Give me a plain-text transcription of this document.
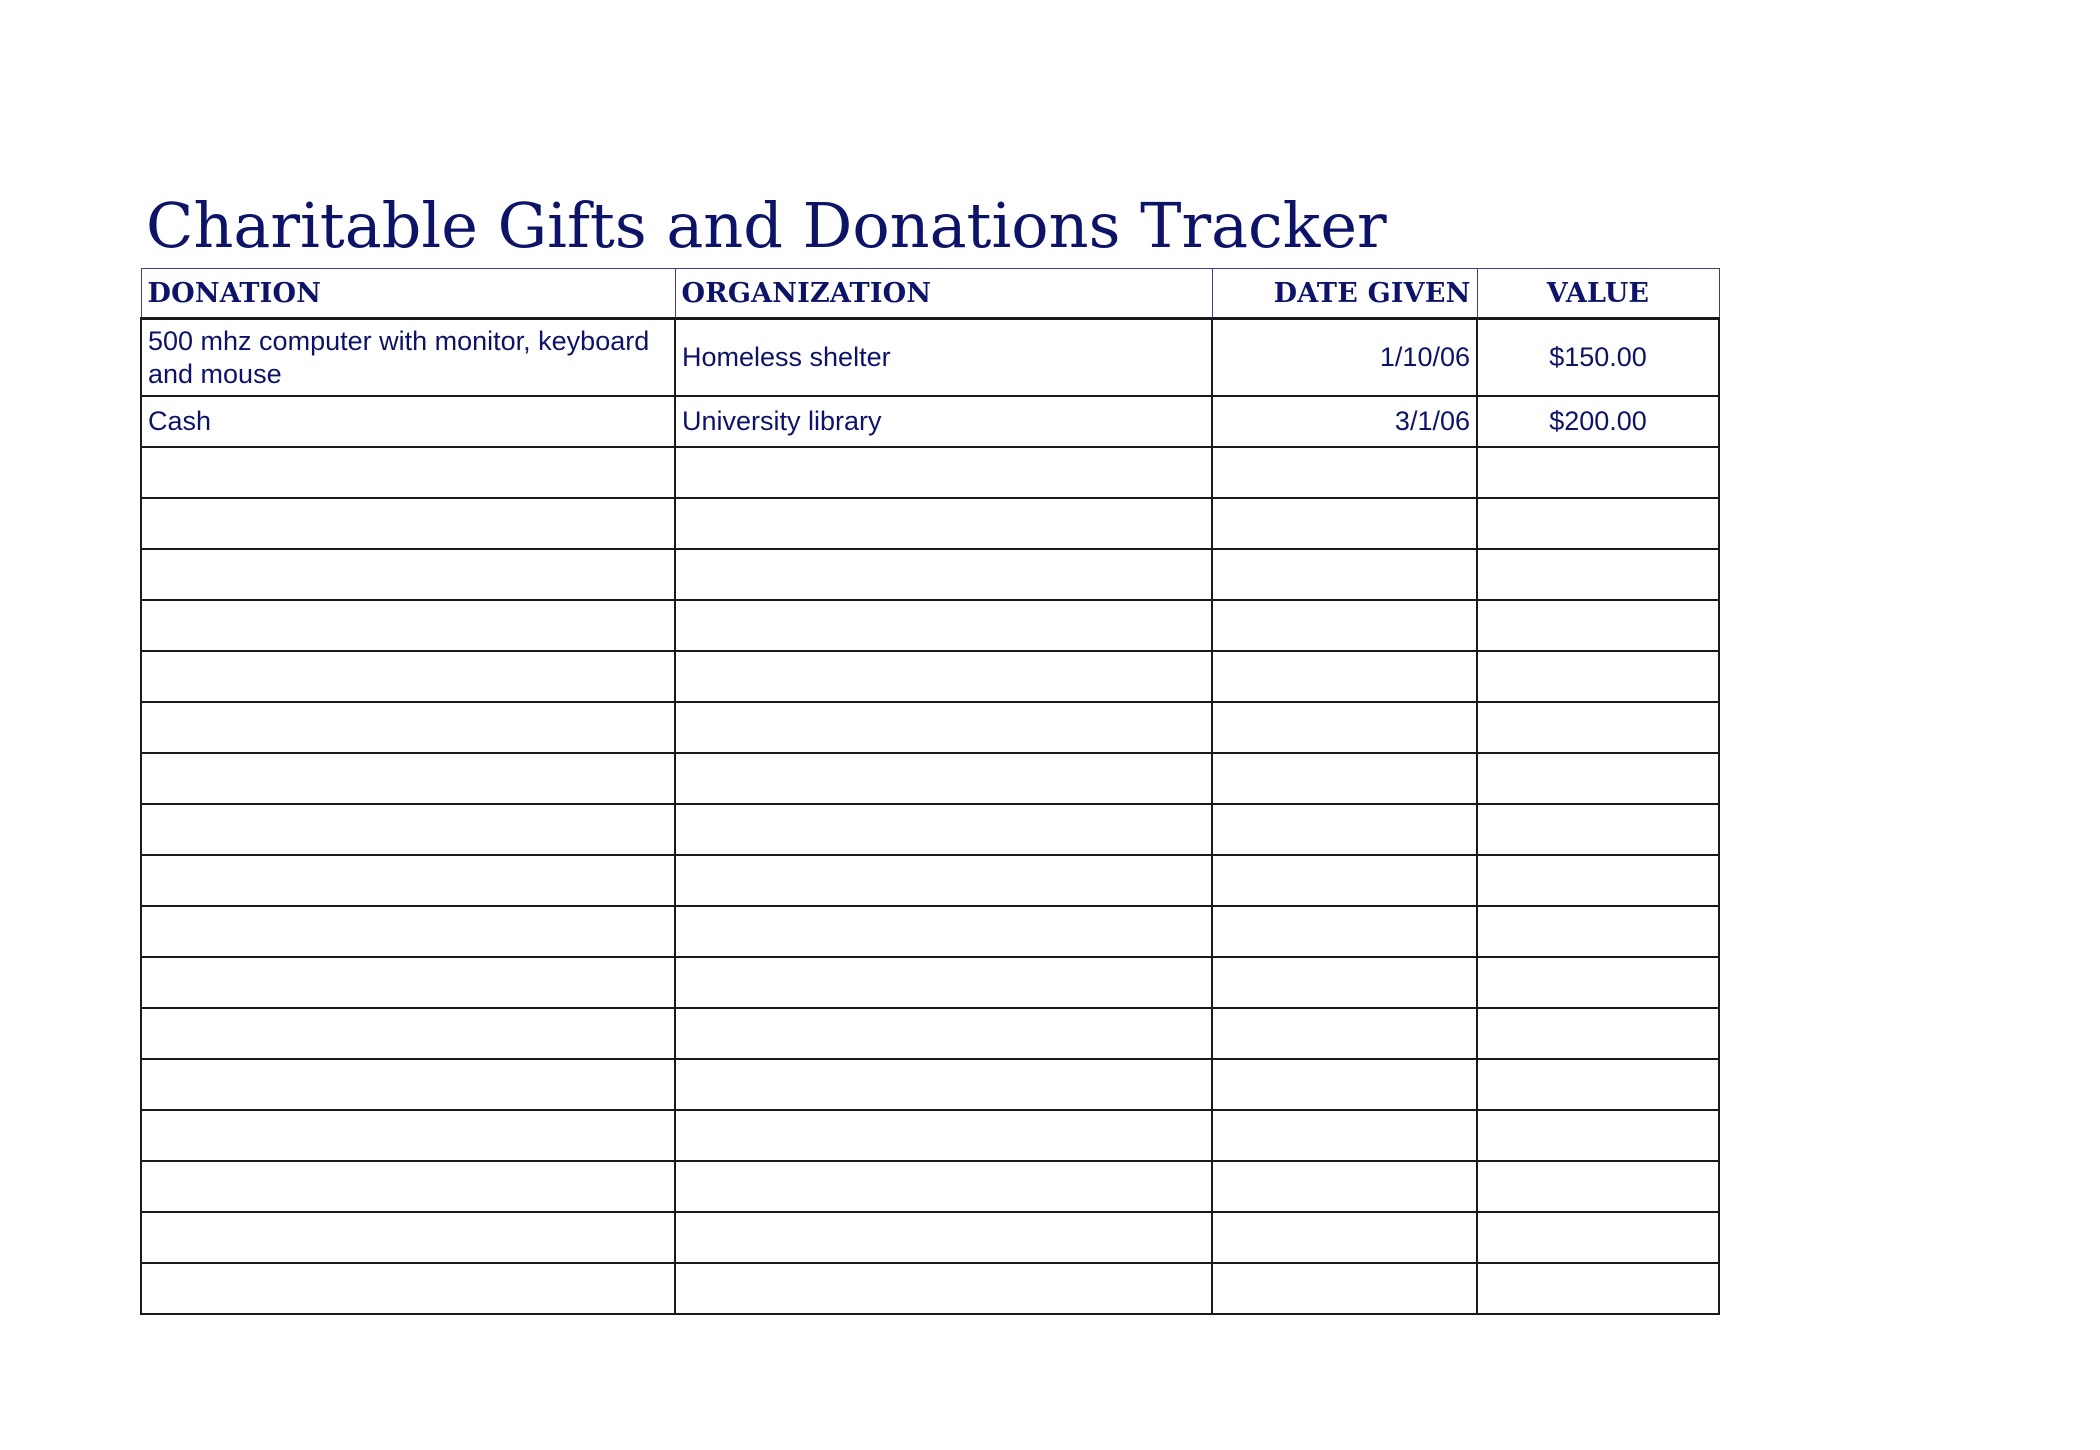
Charitable Gifts and Donations Tracker
DONATION	ORGANIZATION	DATE GIVEN	VALUE
500 mhz computer with monitor, keyboard and mouse	Homeless shelter	1/10/06	$150.00
Cash	University library	3/1/06	$200.00
